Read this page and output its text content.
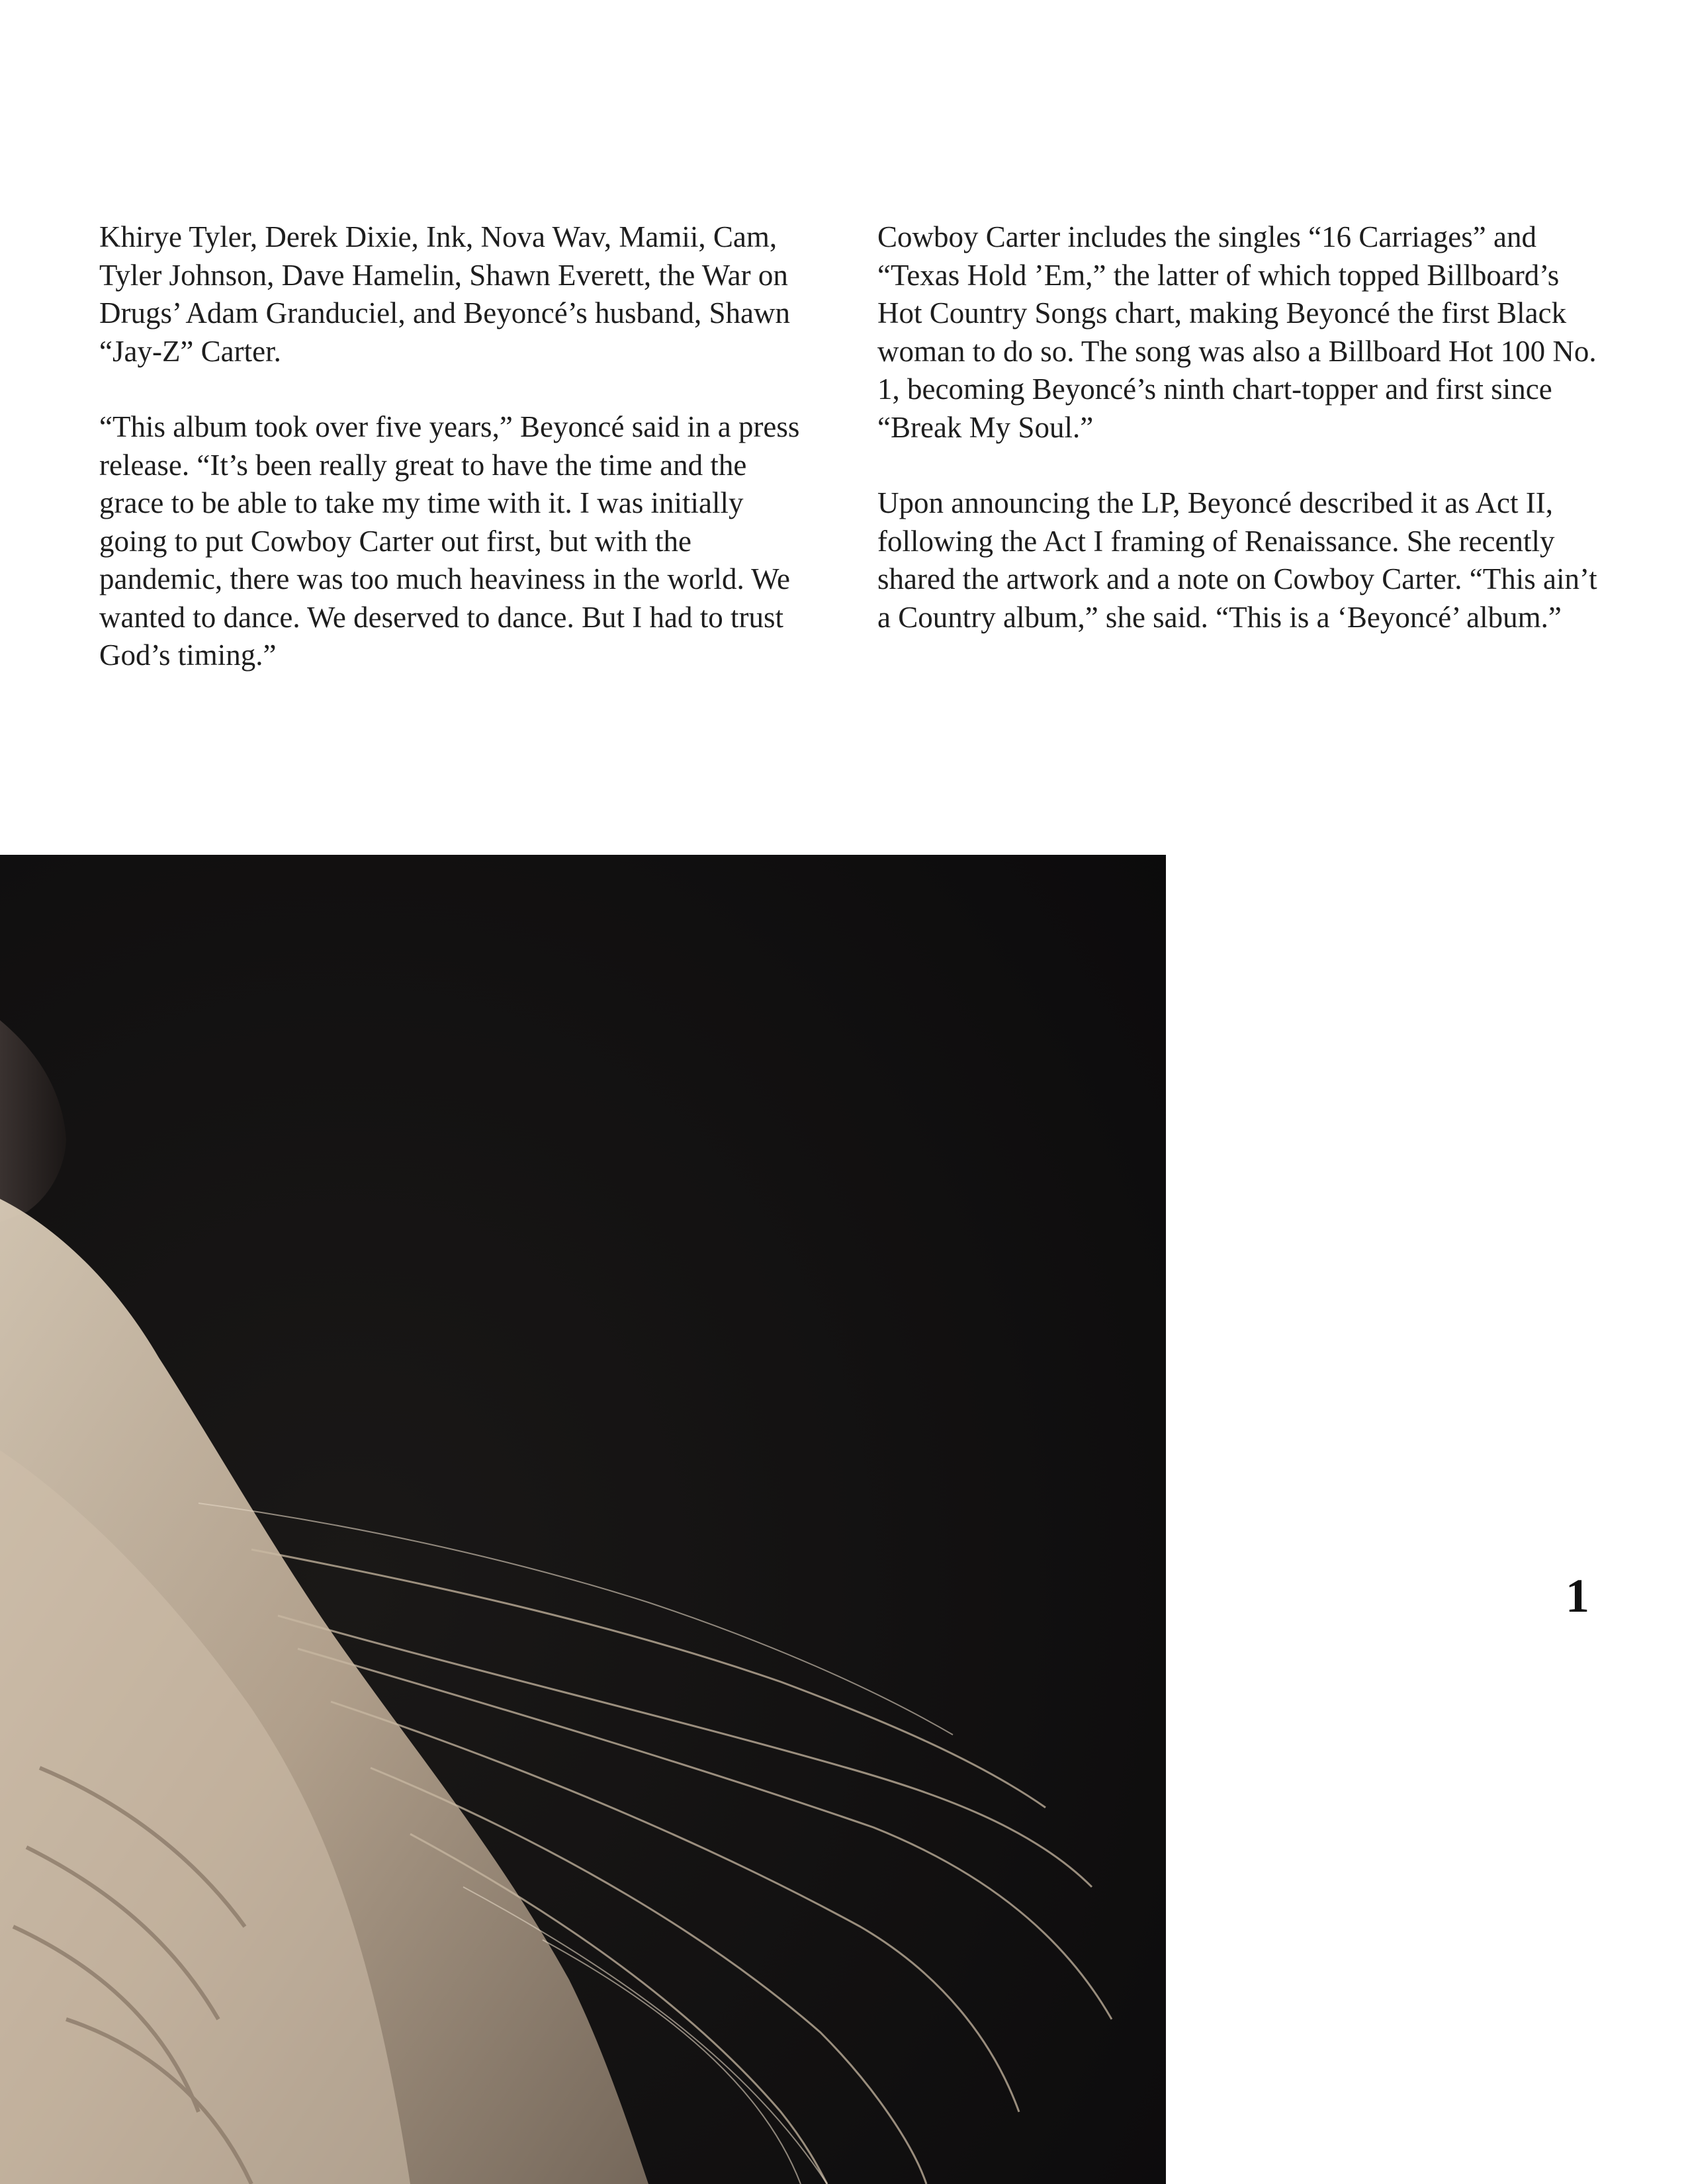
Khirye Tyler, Derek Dixie, Ink, Nova Wav, Mamii, Cam, Tyler Johnson, Dave Hamelin, Shawn Everett, the War on Drugs’ Adam Granduciel, and Beyoncé’s husband, Shawn “Jay-Z” Carter.

“This album took over five years,” Beyoncé said in a press release. “It’s been really great to have the time and the grace to be able to take my time with it. I was initially going to put Cowboy Carter out first, but with the pandemic, there was too much heaviness in the world. We wanted to dance. We deserved to dance. But I had to trust God’s timing.”

Cowboy Carter includes the singles “16 Carriages” and “Texas Hold ’Em,” the latter of which topped Billboard’s Hot Country Songs chart, making Beyoncé the first Black woman to do so. The song was also a Billboard Hot 100 No. 1, becoming Beyoncé’s ninth chart-topper and first since “Break My Soul.”

Upon announcing the LP, Beyoncé described it as Act II, following the Act I framing of Renaissance. She recently shared the artwork and a note on Cowboy Carter. “This ain’t a Country album,” she said. “This is a ‘Beyoncé’ album.”

1
